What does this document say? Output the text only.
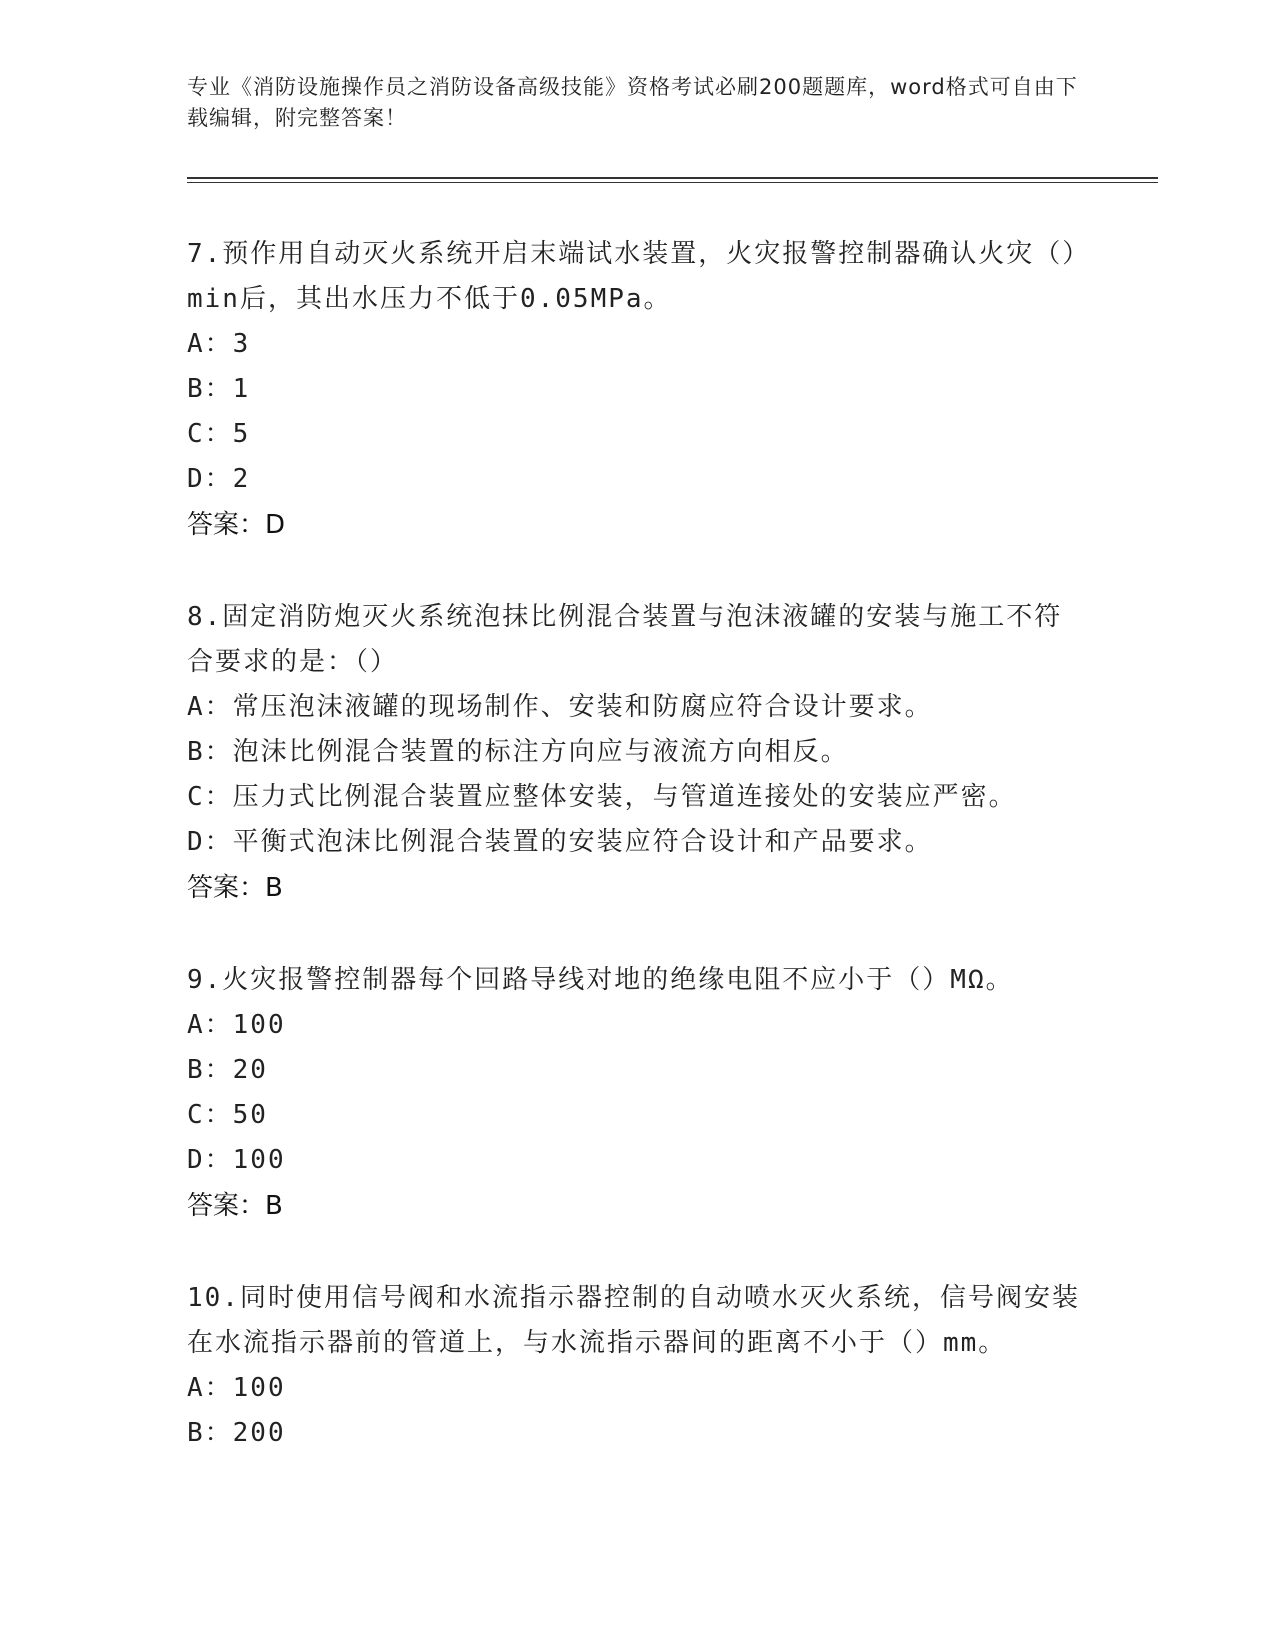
专业《消防设施操作员之消防设备高级技能》资格考试必刷200题题库，word格式可自由下载编辑，附完整答案！

7.预作用自动灭火系统开启末端试水装置，火灾报警控制器确认火灾（）min后，其出水压力不低于0.05MPa。

A：3

B：1

C：5

D：2

答案：D

8.固定消防炮灭火系统泡抹比例混合装置与泡沫液罐的安装与施工不符合要求的是：（）

A：常压泡沫液罐的现场制作、安装和防腐应符合设计要求。

B：泡沫比例混合装置的标注方向应与液流方向相反。

C：压力式比例混合装置应整体安装，与管道连接处的安装应严密。

D：平衡式泡沫比例混合装置的安装应符合设计和产品要求。

答案：B

9.火灾报警控制器每个回路导线对地的绝缘电阻不应小于（）MΩ。

A：100

B：20

C：50

D：100

答案：B

10.同时使用信号阀和水流指示器控制的自动喷水灭火系统，信号阀安装在水流指示器前的管道上，与水流指示器间的距离不小于（）mm。

A：100

B：200
